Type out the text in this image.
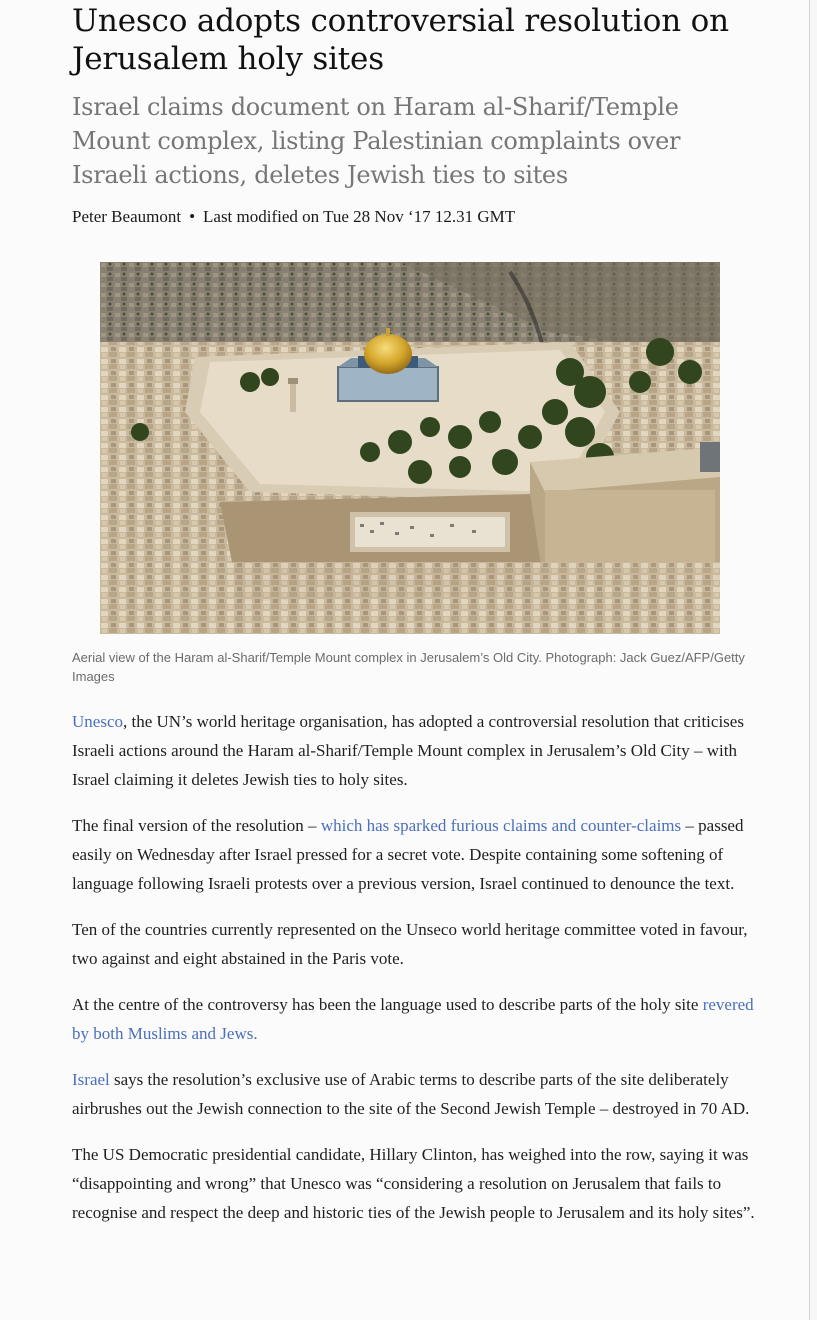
Unesco adopts controversial resolution on Jerusalem holy sites
Israel claims document on Haram al-Sharif/Temple Mount complex, listing Palestinian complaints over Israeli actions, deletes Jewish ties to sites
Peter Beaumont • Last modified on Tue 28 Nov ‘17 12.31 GMT
Aerial view of the Haram al-Sharif/Temple Mount complex in Jerusalem’s Old City. Photograph: Jack Guez/AFP/Getty Images

Unesco, the UN’s world heritage organisation, has adopted a controversial resolution that criticises Israeli actions around the Haram al-Sharif/Temple Mount complex in Jerusalem’s Old City – with Israel claiming it deletes Jewish ties to holy sites.

The final version of the resolution – which has sparked furious claims and counter-claims – passed easily on Wednesday after Israel pressed for a secret vote. Despite containing some softening of language following Israeli protests over a previous version, Israel continued to denounce the text.

Ten of the countries currently represented on the Unseco world heritage committee voted in favour, two against and eight abstained in the Paris vote.

At the centre of the controversy has been the language used to describe parts of the holy site revered by both Muslims and Jews.

Israel says the resolution’s exclusive use of Arabic terms to describe parts of the site deliberately airbrushes out the Jewish connection to the site of the Second Jewish Temple – destroyed in 70 AD.

The US Democratic presidential candidate, Hillary Clinton, has weighed into the row, saying it was “disappointing and wrong” that Unesco was “considering a resolution on Jerusalem that fails to recognise and respect the deep and historic ties of the Jewish people to Jerusalem and its holy sites”.
